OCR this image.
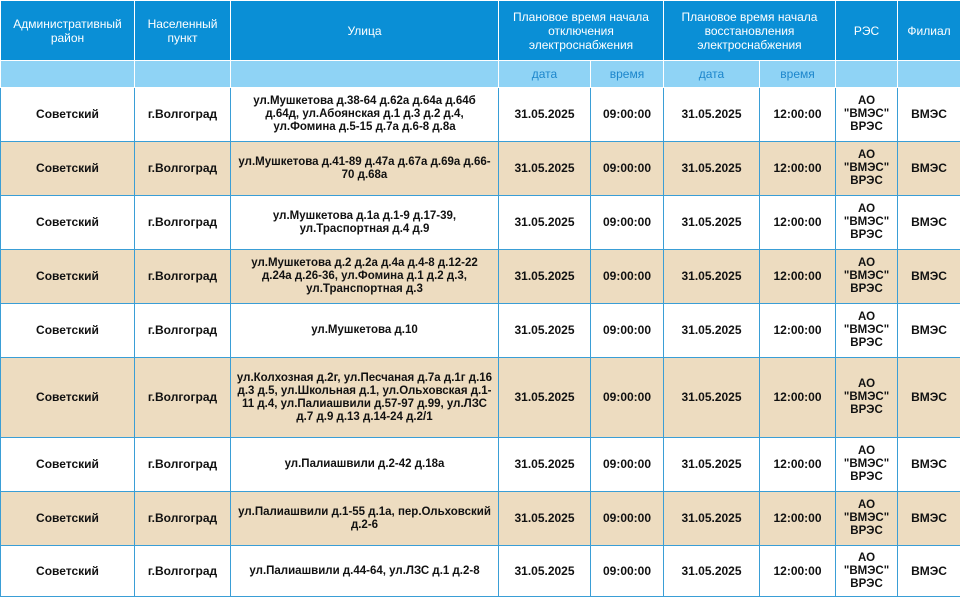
Административный район	Населенный пункт	Улица	Плановое время начала отключения электроснабжения		Плановое время начала восстановления электроснабжения		РЭС	Филиал
			дата	время	дата	время		
Советский	г.Волгоград	ул.Мушкетова д.38-64 д.62а д.64а д.64б д.64д, ул.Абоянская д.1 д.3 д.2 д.4, ул.Фомина д.5-15 д.7а д.6-8 д.8а	31.05.2025	09:00:00	31.05.2025	12:00:00	АО "ВМЭС" ВРЭС	ВМЭС
Советский	г.Волгоград	ул.Мушкетова д.41-89 д.47а д.67а д.69а д.66-70 д.68а	31.05.2025	09:00:00	31.05.2025	12:00:00	АО "ВМЭС" ВРЭС	ВМЭС
Советский	г.Волгоград	ул.Мушкетова д.1а д.1-9 д.17-39, ул.Траспортная д.4 д.9	31.05.2025	09:00:00	31.05.2025	12:00:00	АО "ВМЭС" ВРЭС	ВМЭС
Советский	г.Волгоград	ул.Мушкетова д.2 д.2а д.4а д.4-8 д.12-22 д.24а д.26-36, ул.Фомина д.1 д.2 д.3, ул.Транспортная д.3	31.05.2025	09:00:00	31.05.2025	12:00:00	АО "ВМЭС" ВРЭС	ВМЭС
Советский	г.Волгоград	ул.Мушкетова д.10	31.05.2025	09:00:00	31.05.2025	12:00:00	АО "ВМЭС" ВРЭС	ВМЭС
Советский	г.Волгоград	ул.Колхозная д.2г, ул.Песчаная д.7а д.1г д.16 д.3 д.5, ул.Школьная д.1, ул.Ольховская д.1-11 д.4, ул.Палиашвили д.57-97 д.99, ул.ЛЗС д.7 д.9 д.13 д.14-24 д.2/1	31.05.2025	09:00:00	31.05.2025	12:00:00	АО "ВМЭС" ВРЭС	ВМЭС
Советский	г.Волгоград	ул.Палиашвили д.2-42 д.18а	31.05.2025	09:00:00	31.05.2025	12:00:00	АО "ВМЭС" ВРЭС	ВМЭС
Советский	г.Волгоград	ул.Палиашвили д.1-55 д.1а, пер.Ольховский д.2-6	31.05.2025	09:00:00	31.05.2025	12:00:00	АО "ВМЭС" ВРЭС	ВМЭС
Советский	г.Волгоград	ул.Палиашвили д.44-64, ул.ЛЗС д.1 д.2-8	31.05.2025	09:00:00	31.05.2025	12:00:00	АО "ВМЭС" ВРЭС	ВМЭС
